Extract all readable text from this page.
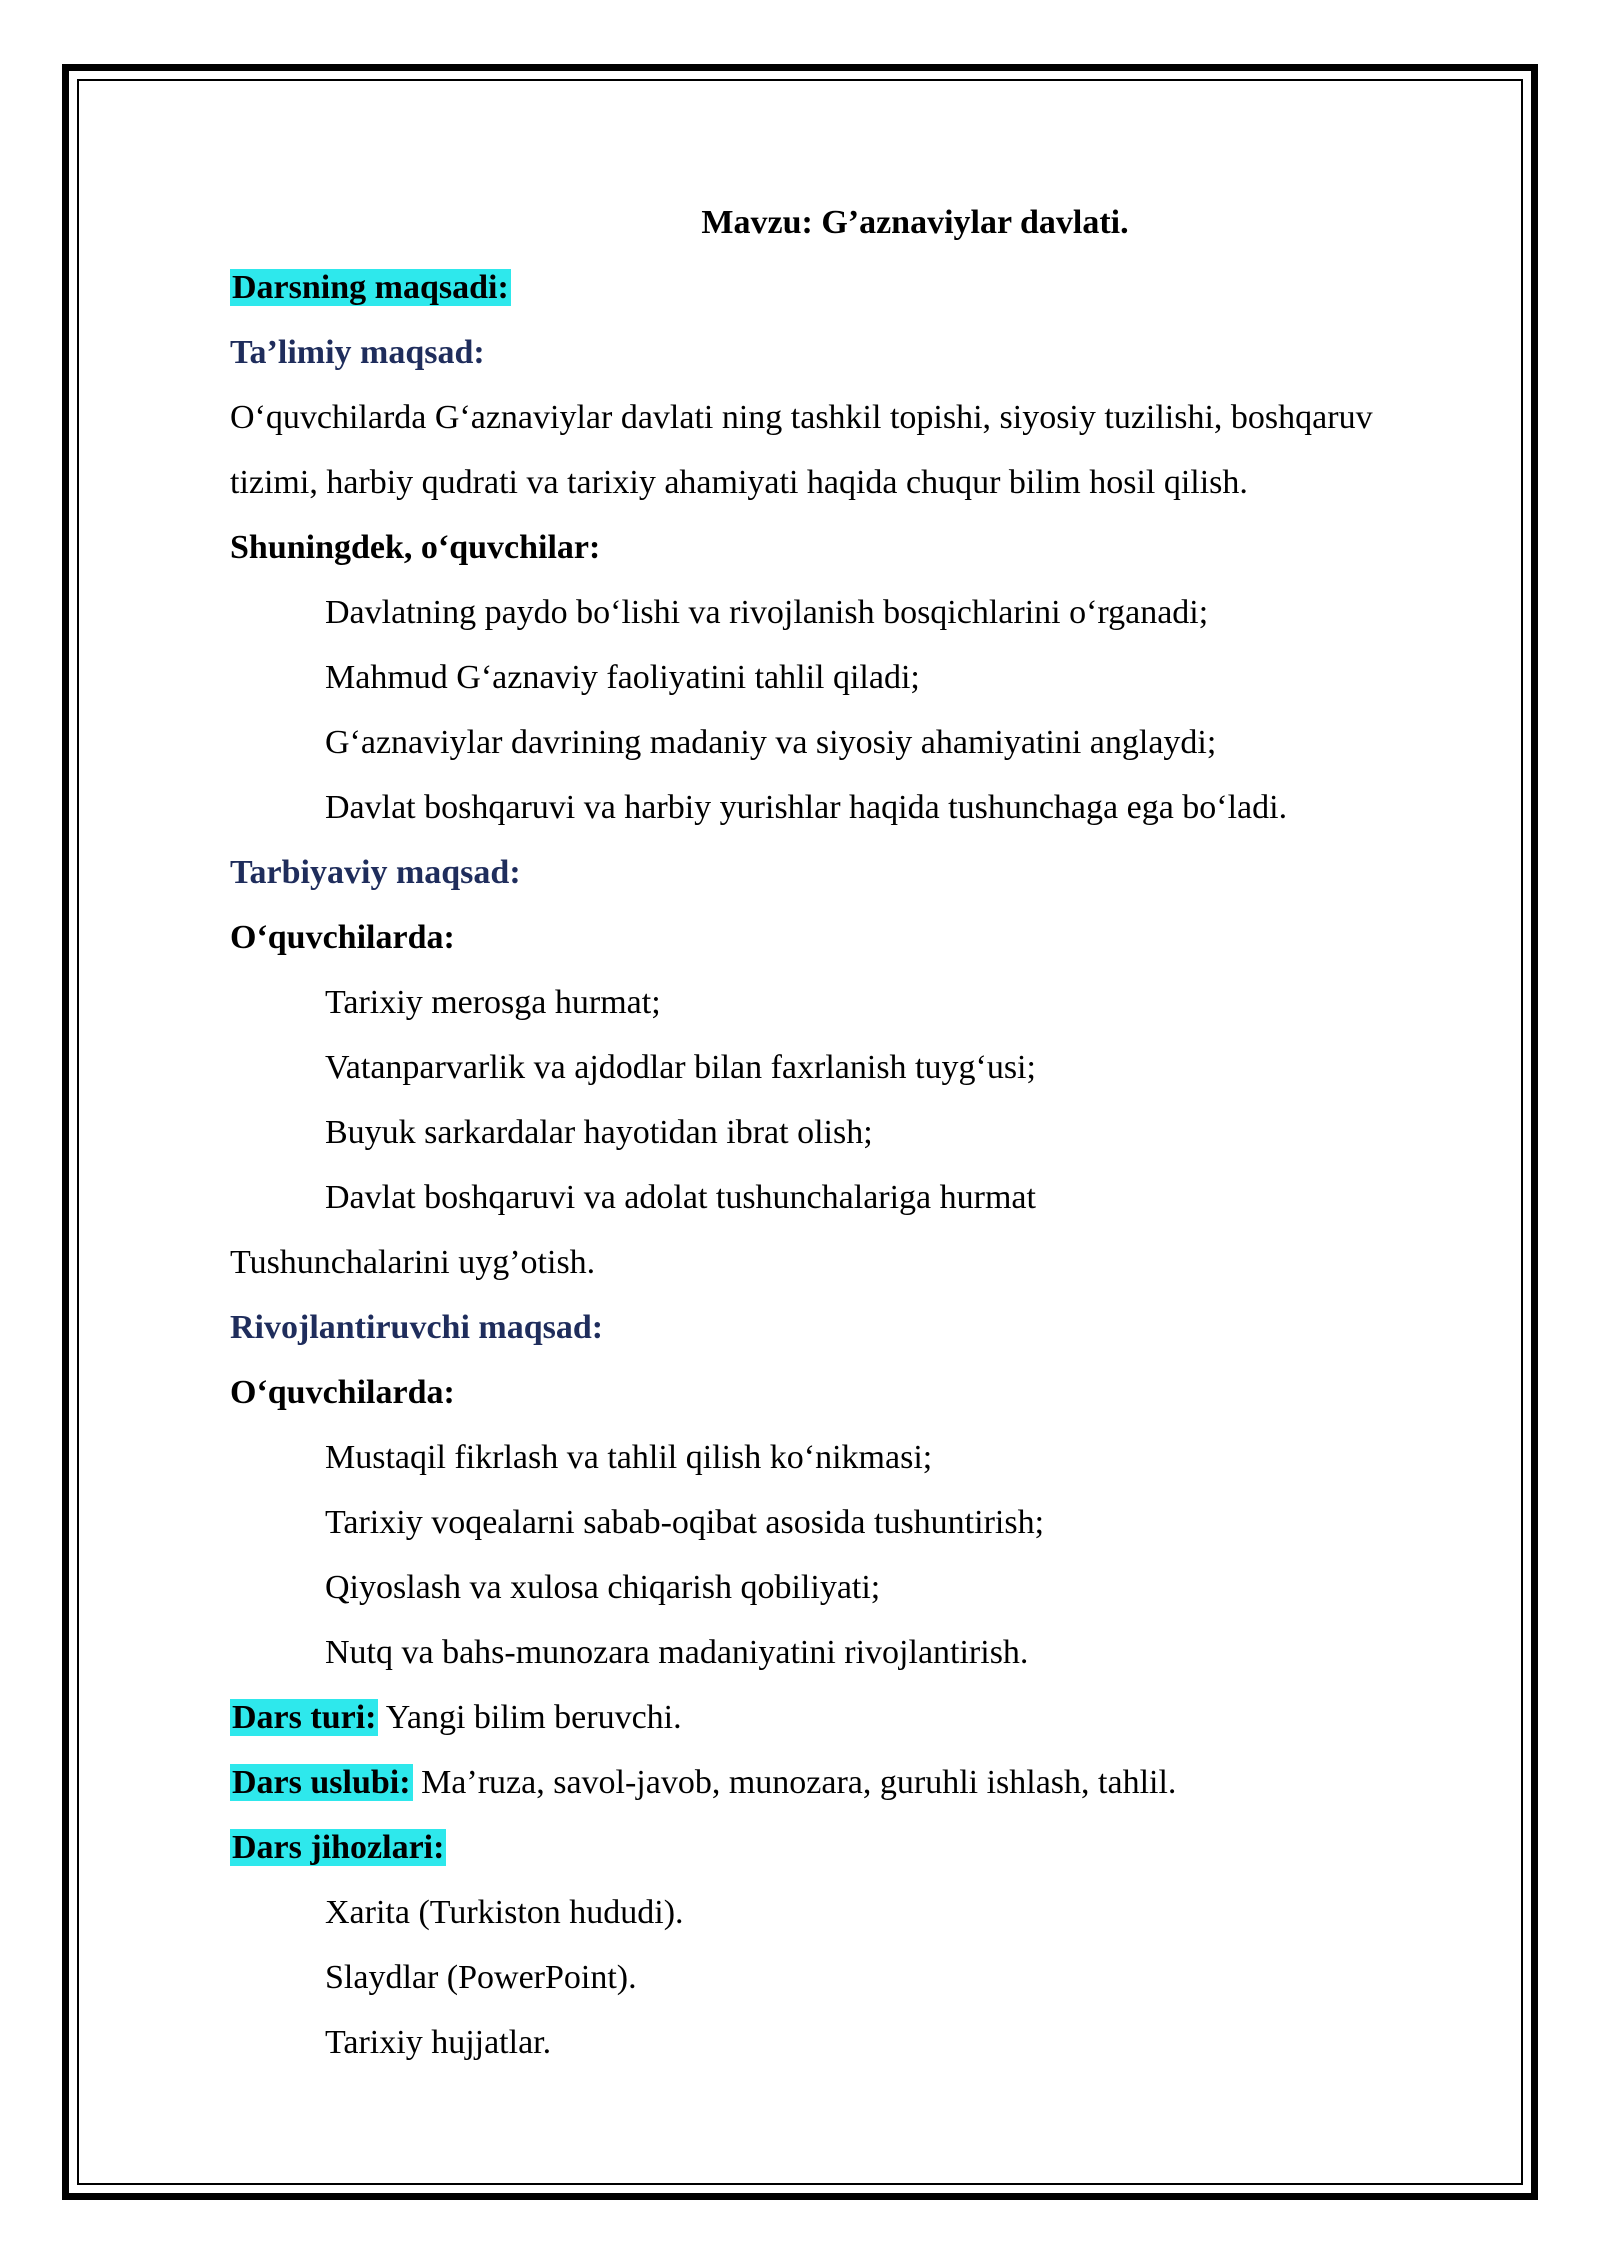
Mavzu: G’aznaviylar davlati.
Darsning maqsadi:
Ta’limiy maqsad:
O‘quvchilarda G‘aznaviylar davlati ning tashkil topishi, siyosiy tuzilishi, boshqaruv
tizimi, harbiy qudrati va tarixiy ahamiyati haqida chuqur bilim hosil qilish.
Shuningdek, o‘quvchilar:
Davlatning paydo bo‘lishi va rivojlanish bosqichlarini o‘rganadi;
Mahmud G‘aznaviy faoliyatini tahlil qiladi;
G‘aznaviylar davrining madaniy va siyosiy ahamiyatini anglaydi;
Davlat boshqaruvi va harbiy yurishlar haqida tushunchaga ega bo‘ladi.
Tarbiyaviy maqsad:
O‘quvchilarda:
Tarixiy merosga hurmat;
Vatanparvarlik va ajdodlar bilan faxrlanish tuyg‘usi;
Buyuk sarkardalar hayotidan ibrat olish;
Davlat boshqaruvi va adolat tushunchalariga hurmat
Tushunchalarini uyg’otish.
Rivojlantiruvchi maqsad:
O‘quvchilarda:
Mustaqil fikrlash va tahlil qilish ko‘nikmasi;
Tarixiy voqealarni sabab-oqibat asosida tushuntirish;
Qiyoslash va xulosa chiqarish qobiliyati;
Nutq va bahs-munozara madaniyatini rivojlantirish.
Dars turi: Yangi bilim beruvchi.
Dars uslubi: Ma’ruza, savol-javob, munozara, guruhli ishlash, tahlil.
Dars jihozlari:
Xarita (Turkiston hududi).
Slaydlar (PowerPoint).
Tarixiy hujjatlar.
